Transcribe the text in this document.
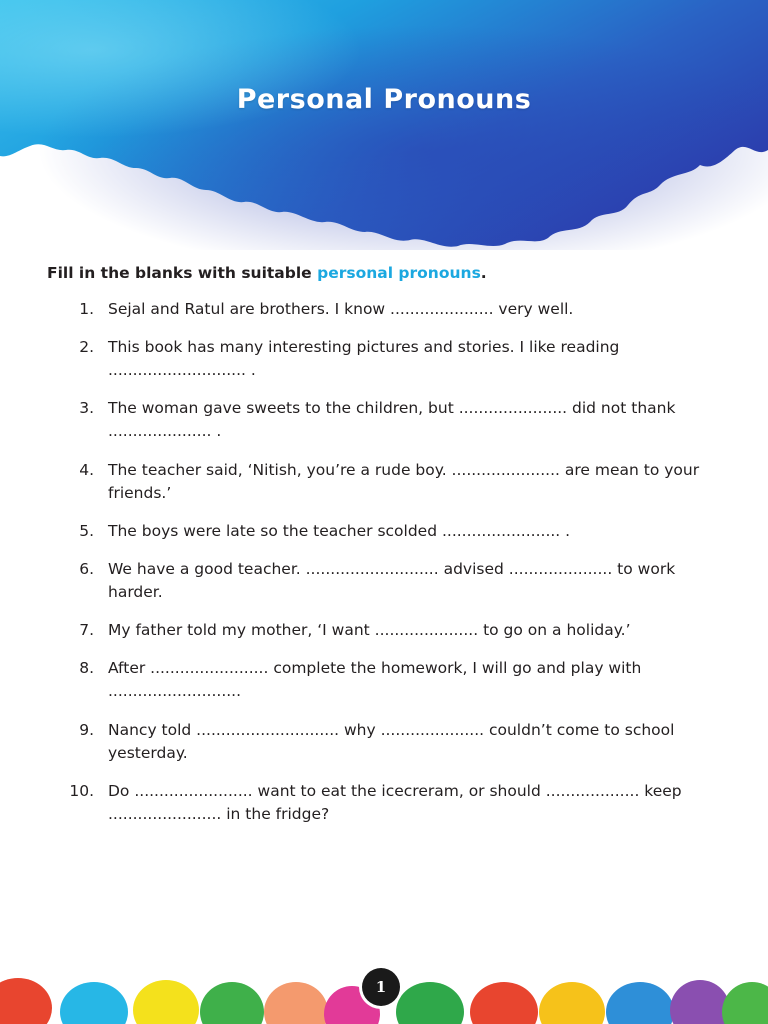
Personal Pronouns

Fill in the blanks with suitable personal pronouns.

1. Sejal and Ratul are brothers. I know ..................... very well.
2. This book has many interesting pictures and stories. I like reading ............................ .
3. The woman gave sweets to the children, but ...................... did not thank ..................... .
4. The teacher said, ‘Nitish, you’re a rude boy. ...................... are mean to your friends.’
5. The boys were late so the teacher scolded ........................ .
6. We have a good teacher. ........................... advised ..................... to work harder.
7. My father told my mother, ‘I want ..................... to go on a holiday.’
8. After ........................ complete the homework, I will go and play with ...........................
9. Nancy told ............................. why ..................... couldn’t come to school yesterday.
10. Do ........................ want to eat the icecreram, or should ................... keep ....................... in the fridge?
1
